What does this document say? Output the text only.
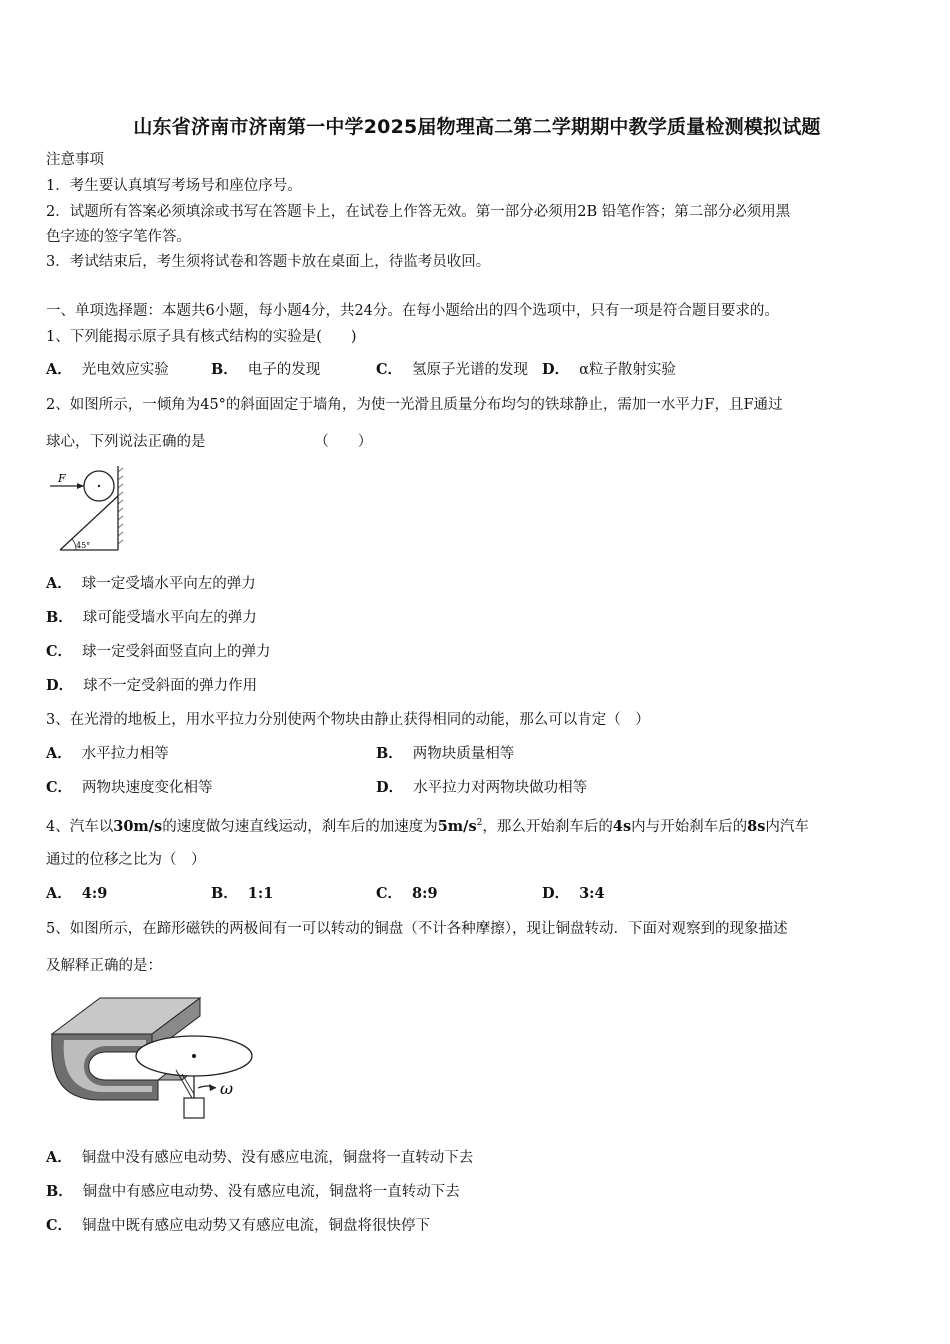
山东省济南市济南第一中学2025届物理高二第二学期期中教学质量检测模拟试题
注意事项
1．考生要认真填写考场号和座位序号。
2．试题所有答案必须填涂或书写在答题卡上，在试卷上作答无效。第一部分必须用2B 铅笔作答；第二部分必须用黑
色字迹的签字笔作答。
3．考试结束后，考生须将试卷和答题卡放在桌面上，待监考员收回。
一、单项选择题：本题共6小题，每小题4分，共24分。在每小题给出的四个选项中，只有一项是符合题目要求的。
1、下列能揭示原子具有核式结构的实验是(　　)
A． 光电效应实验	B． 电子的发现	C． 氢原子光谱的发现 D． α粒子散射实验
2、如图所示，一倾角为45°的斜面固定于墙角，为使一光滑且质量分布均匀的铁球静止，需加一水平力F，且F通过
球心，下列说法正确的是　　　　　　　　（　　）
F
45°
A． 球一定受墙水平向左的弹力
B． 球可能受墙水平向左的弹力
C． 球一定受斜面竖直向上的弹力
D． 球不一定受斜面的弹力作用
3、在光滑的地板上，用水平拉力分别使两个物块由静止获得相同的动能，那么可以肯定（　）
A． 水平拉力相等	B． 两物块质量相等
C． 两物块速度变化相等	D． 水平拉力对两物块做功相等
4、汽车以30m/s的速度做匀速直线运动，刹车后的加速度为$5m/s^2$，那么开始刹车后的4s内与开始刹车后的8s内汽车
通过的位移之比为（　）
A． 4:9	B． 1:1	C． 8:9	D． 3:4
5、如图所示，在蹄形磁铁的两极间有一可以转动的铜盘（不计各种摩擦），现让铜盘转动．下面对观察到的现象描述
及解释正确的是：
ω
A． 铜盘中没有感应电动势、没有感应电流，铜盘将一直转动下去
B． 铜盘中有感应电动势、没有感应电流，铜盘将一直转动下去
C． 铜盘中既有感应电动势又有感应电流，铜盘将很快停下
